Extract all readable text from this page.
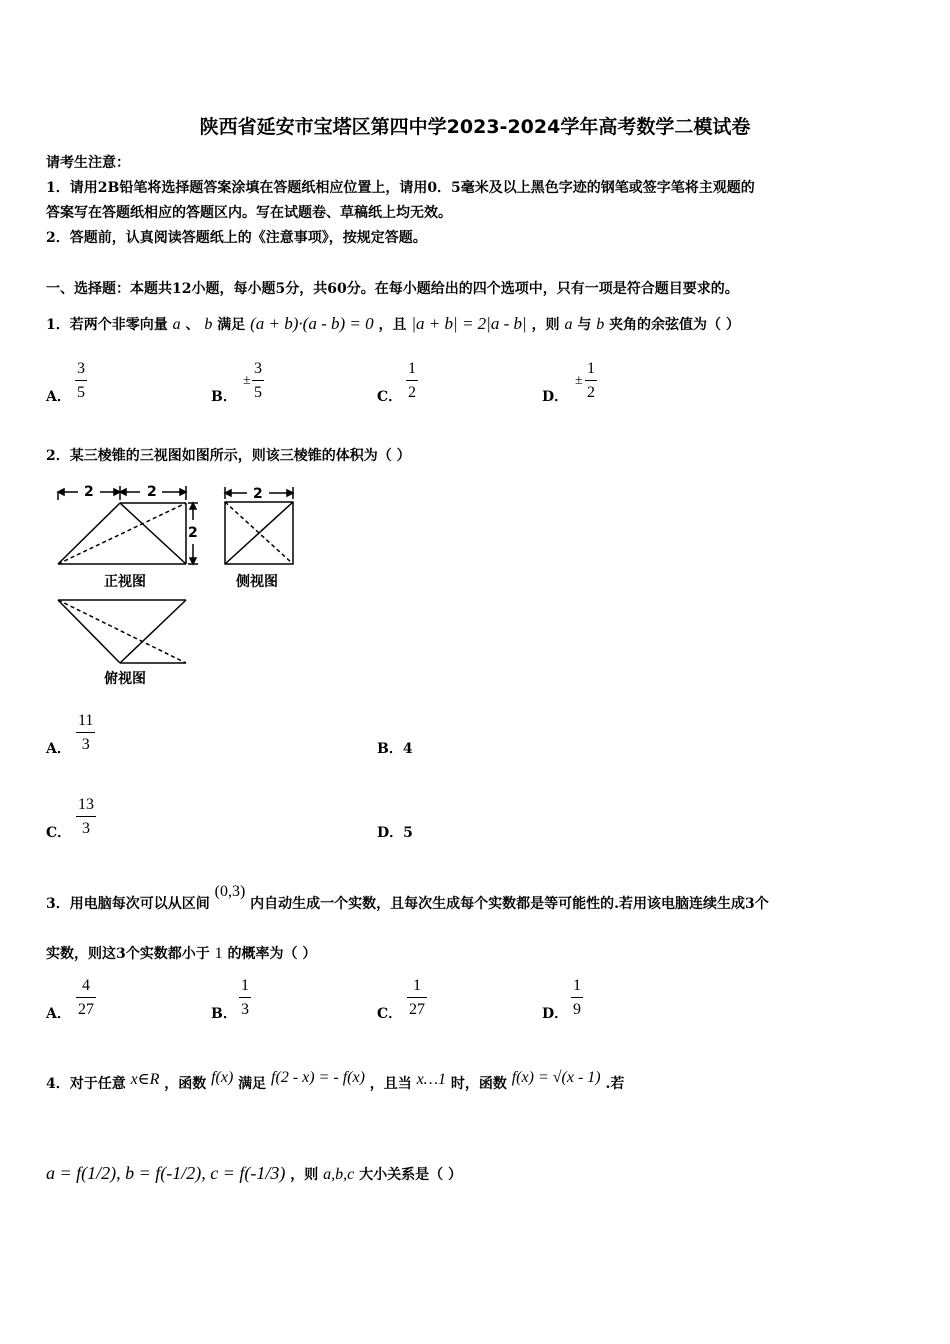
陕西省延安市宝塔区第四中学2023-2024学年高考数学二模试卷
请考生注意：
1．请用2B铅笔将选择题答案涂填在答题纸相应位置上，请用0．5毫米及以上黑色字迹的钢笔或签字笔将主观题的
答案写在答题纸相应的答题区内。写在试题卷、草稿纸上均无效。
2．答题前，认真阅读答题纸上的《注意事项》，按规定答题。
一、选择题：本题共12小题，每小题5分，共60分。在每小题给出的四个选项中，只有一项是符合题目要求的。
1．若两个非零向量 a 、 b 满足 (a + b)·(a - b) = 0 ，且 |a + b| = 2|a - b| ，则 a 与 b 夹角的余弦值为（ ）
A．
3
5	B．
±
3
5	C．
1
2	D．
±
1
2
2．某三棱锥的三视图如图所示，则该三棱锥的体积为（ ）
2	2
2
正视图
2
侧视图
俯视图
A．
11
3	B．4
C．
13
3	D．5
3．用电脑每次可以从区间 (0,3) 内自动生成一个实数，且每次生成每个实数都是等可能性的.若用该电脑连续生成3个
实数，则这3个实数都小于 1 的概率为（ ）
A．
4
27	B．
1
3	C．
1
27	D．
1
9
4．对于任意 x∈R ，函数 f(x) 满足 f(2 - x) = - f(x) ，且当 x…1 时，函数 f(x) = √(x - 1) .若
a = f(1/2), b = f(-1/2), c = f(-1/3) ，则 a,b,c 大小关系是（ ）
